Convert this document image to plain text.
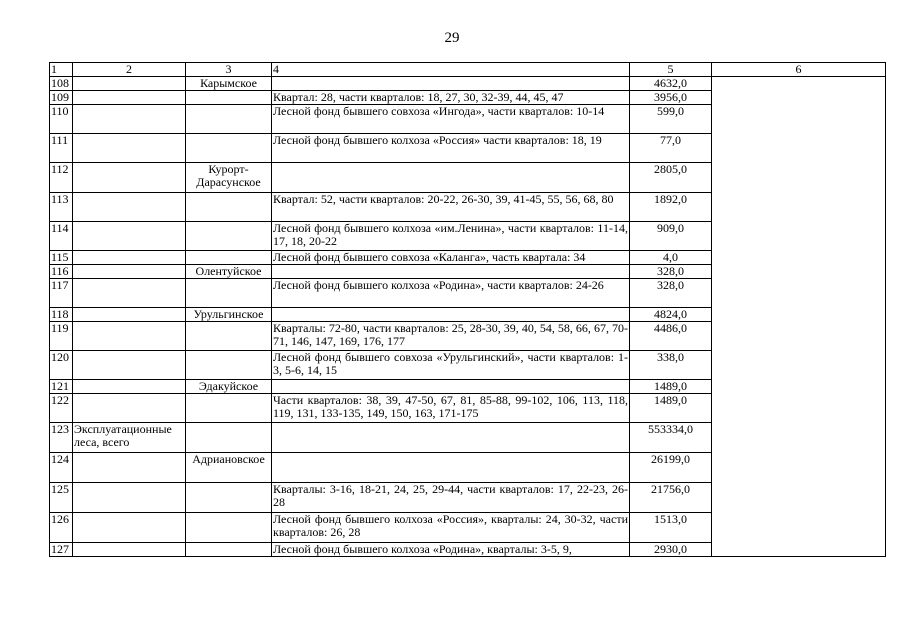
29
1	2	3	4	5	6
108		Карымское		4632,0	
109			Квартал: 28, части кварталов: 18, 27, 30, 32-39, 44, 45, 47	3956,0	
110			Лесной фонд бывшего совхоза «Ингода», части кварталов: 10-14	599,0	
111			Лесной фонд бывшего колхоза «Россия» части кварталов: 18, 19	77,0	
112		Курорт-Дарасунское		2805,0	
113			Квартал: 52, части кварталов: 20-22, 26-30, 39, 41-45, 55, 56, 68, 80	1892,0	
114			Лесной фонд бывшего колхоза «им.Ленина», части кварталов: 11-14, 17, 18, 20-22	909,0	
115			Лесной фонд бывшего совхоза «Каланга», часть квартала: 34	4,0	
116		Олентуйское		328,0	
117			Лесной фонд бывшего колхоза «Родина», части кварталов: 24-26	328,0	
118		Урульгинское		4824,0	
119			Кварталы: 72-80, части кварталов: 25, 28-30, 39, 40, 54, 58, 66, 67, 70-71, 146, 147, 169, 176, 177	4486,0	
120			Лесной фонд бывшего совхоза «Урульгинский», части кварталов: 1-3, 5-6, 14, 15	338,0	
121		Эдакуйское		1489,0	
122			Части кварталов: 38, 39, 47-50, 67, 81, 85-88, 99-102, 106, 113, 118, 119, 131, 133-135, 149, 150, 163, 171-175	1489,0	
123	Эксплуатационные леса, всего			553334,0	
124		Адриановское		26199,0	
125			Кварталы: 3-16, 18-21, 24, 25, 29-44, части кварталов: 17, 22-23, 26-28	21756,0	
126			Лесной фонд бывшего колхоза «Россия», кварталы: 24, 30-32, части кварталов: 26, 28	1513,0	
127			Лесной фонд бывшего колхоза «Родина», кварталы: 3-5, 9,	2930,0	
